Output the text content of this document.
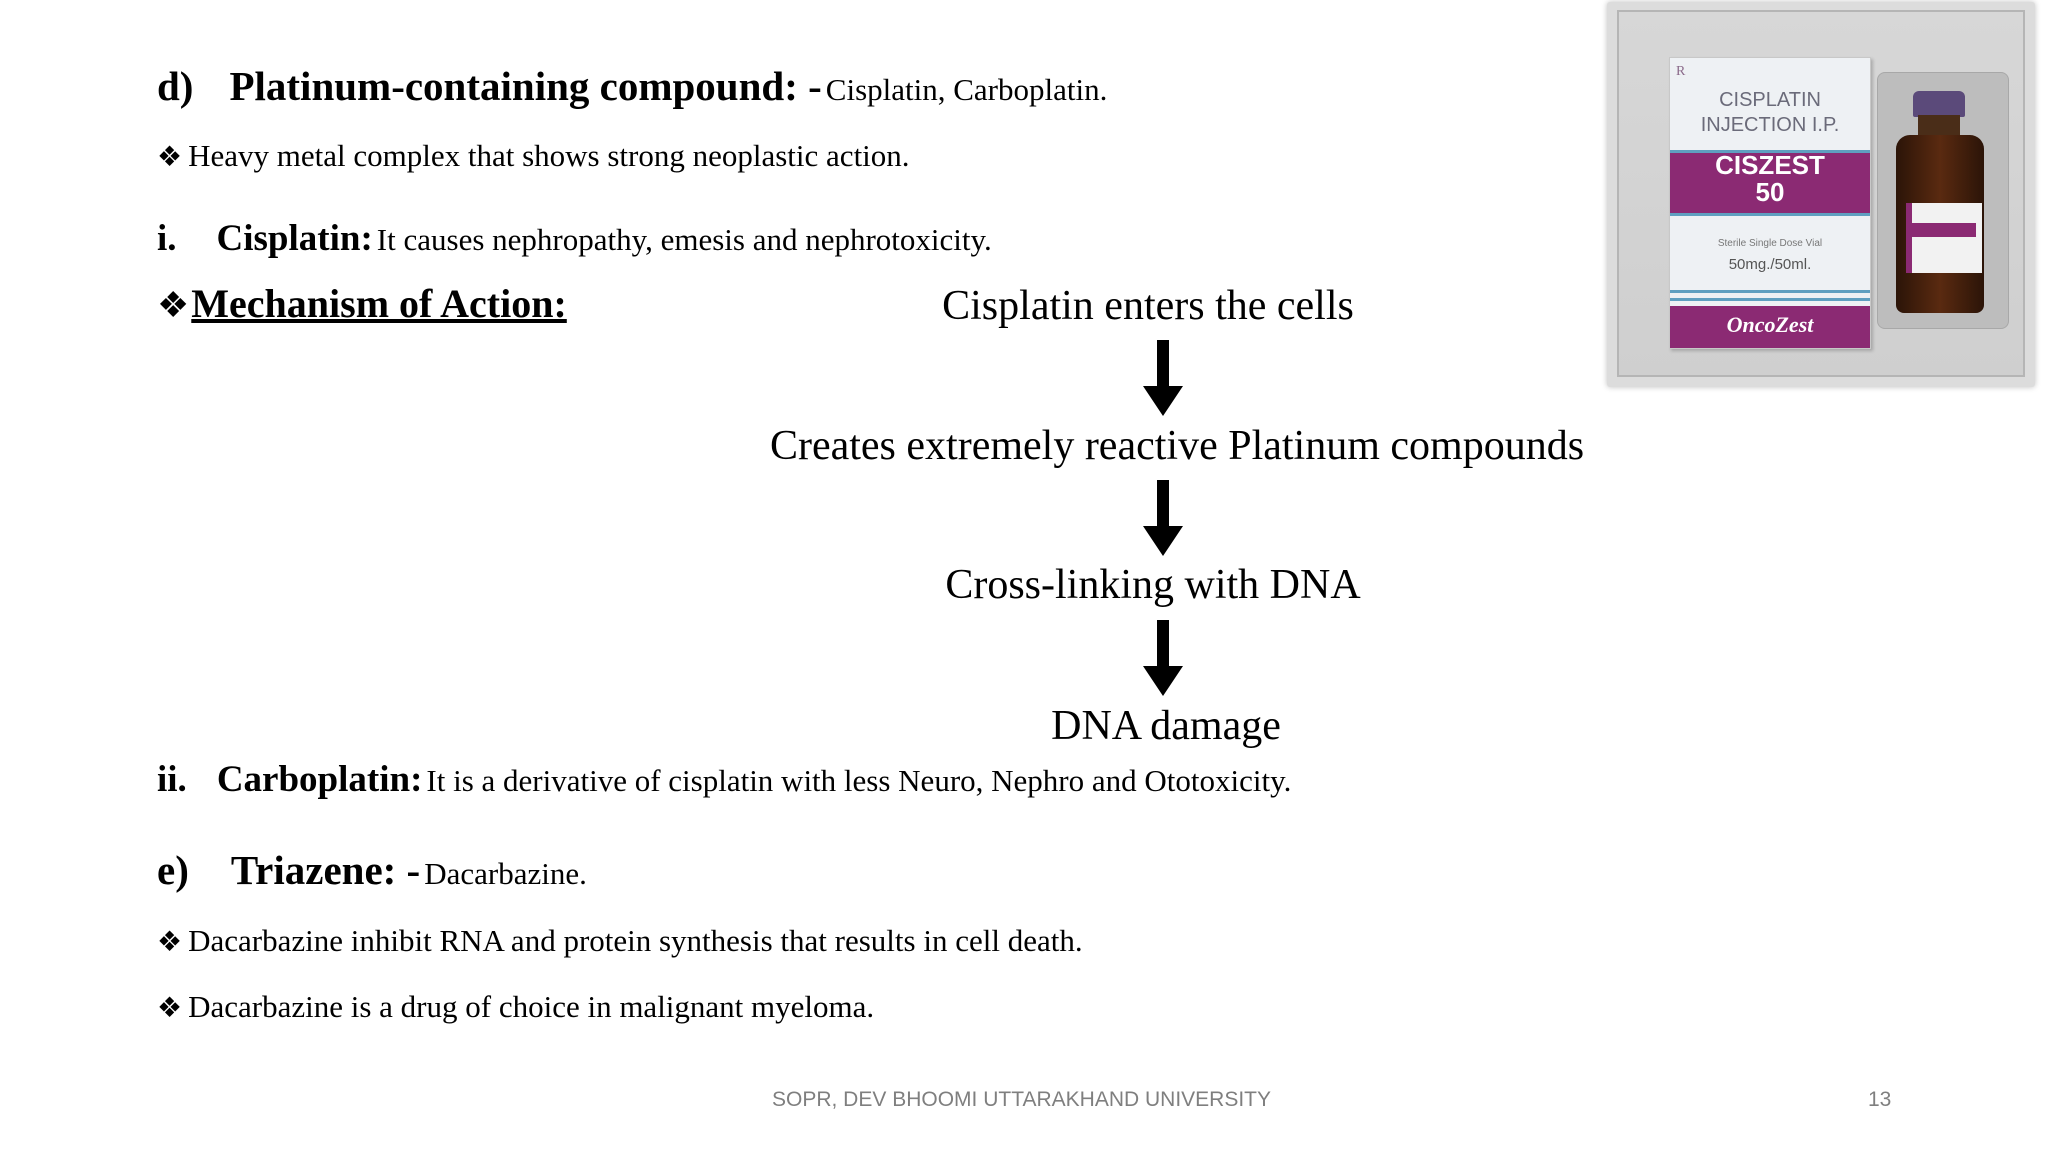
d) Platinum-containing compound: - Cisplatin, Carboplatin.
❖ Heavy metal complex that shows strong neoplastic action.
i. Cisplatin: It causes nephropathy, emesis and nephrotoxicity.
❖Mechanism of Action:	Cisplatin enters the cells
Creates extremely reactive Platinum compounds
Cross-linking with DNA
DNA damage
ii. Carboplatin: It is a derivative of cisplatin with less Neuro, Nephro and Ototoxicity.
e) Triazene: - Dacarbazine.
❖ Dacarbazine inhibit RNA and protein synthesis that results in cell death.
❖ Dacarbazine is a drug of choice in malignant myeloma.
R
CISPLATIN
INJECTION I.P.
CISZEST
50
Sterile Single Dose Vial
50mg./50ml.
OncoZest
SOPR, DEV BHOOMI UTTARAKHAND UNIVERSITY	13
